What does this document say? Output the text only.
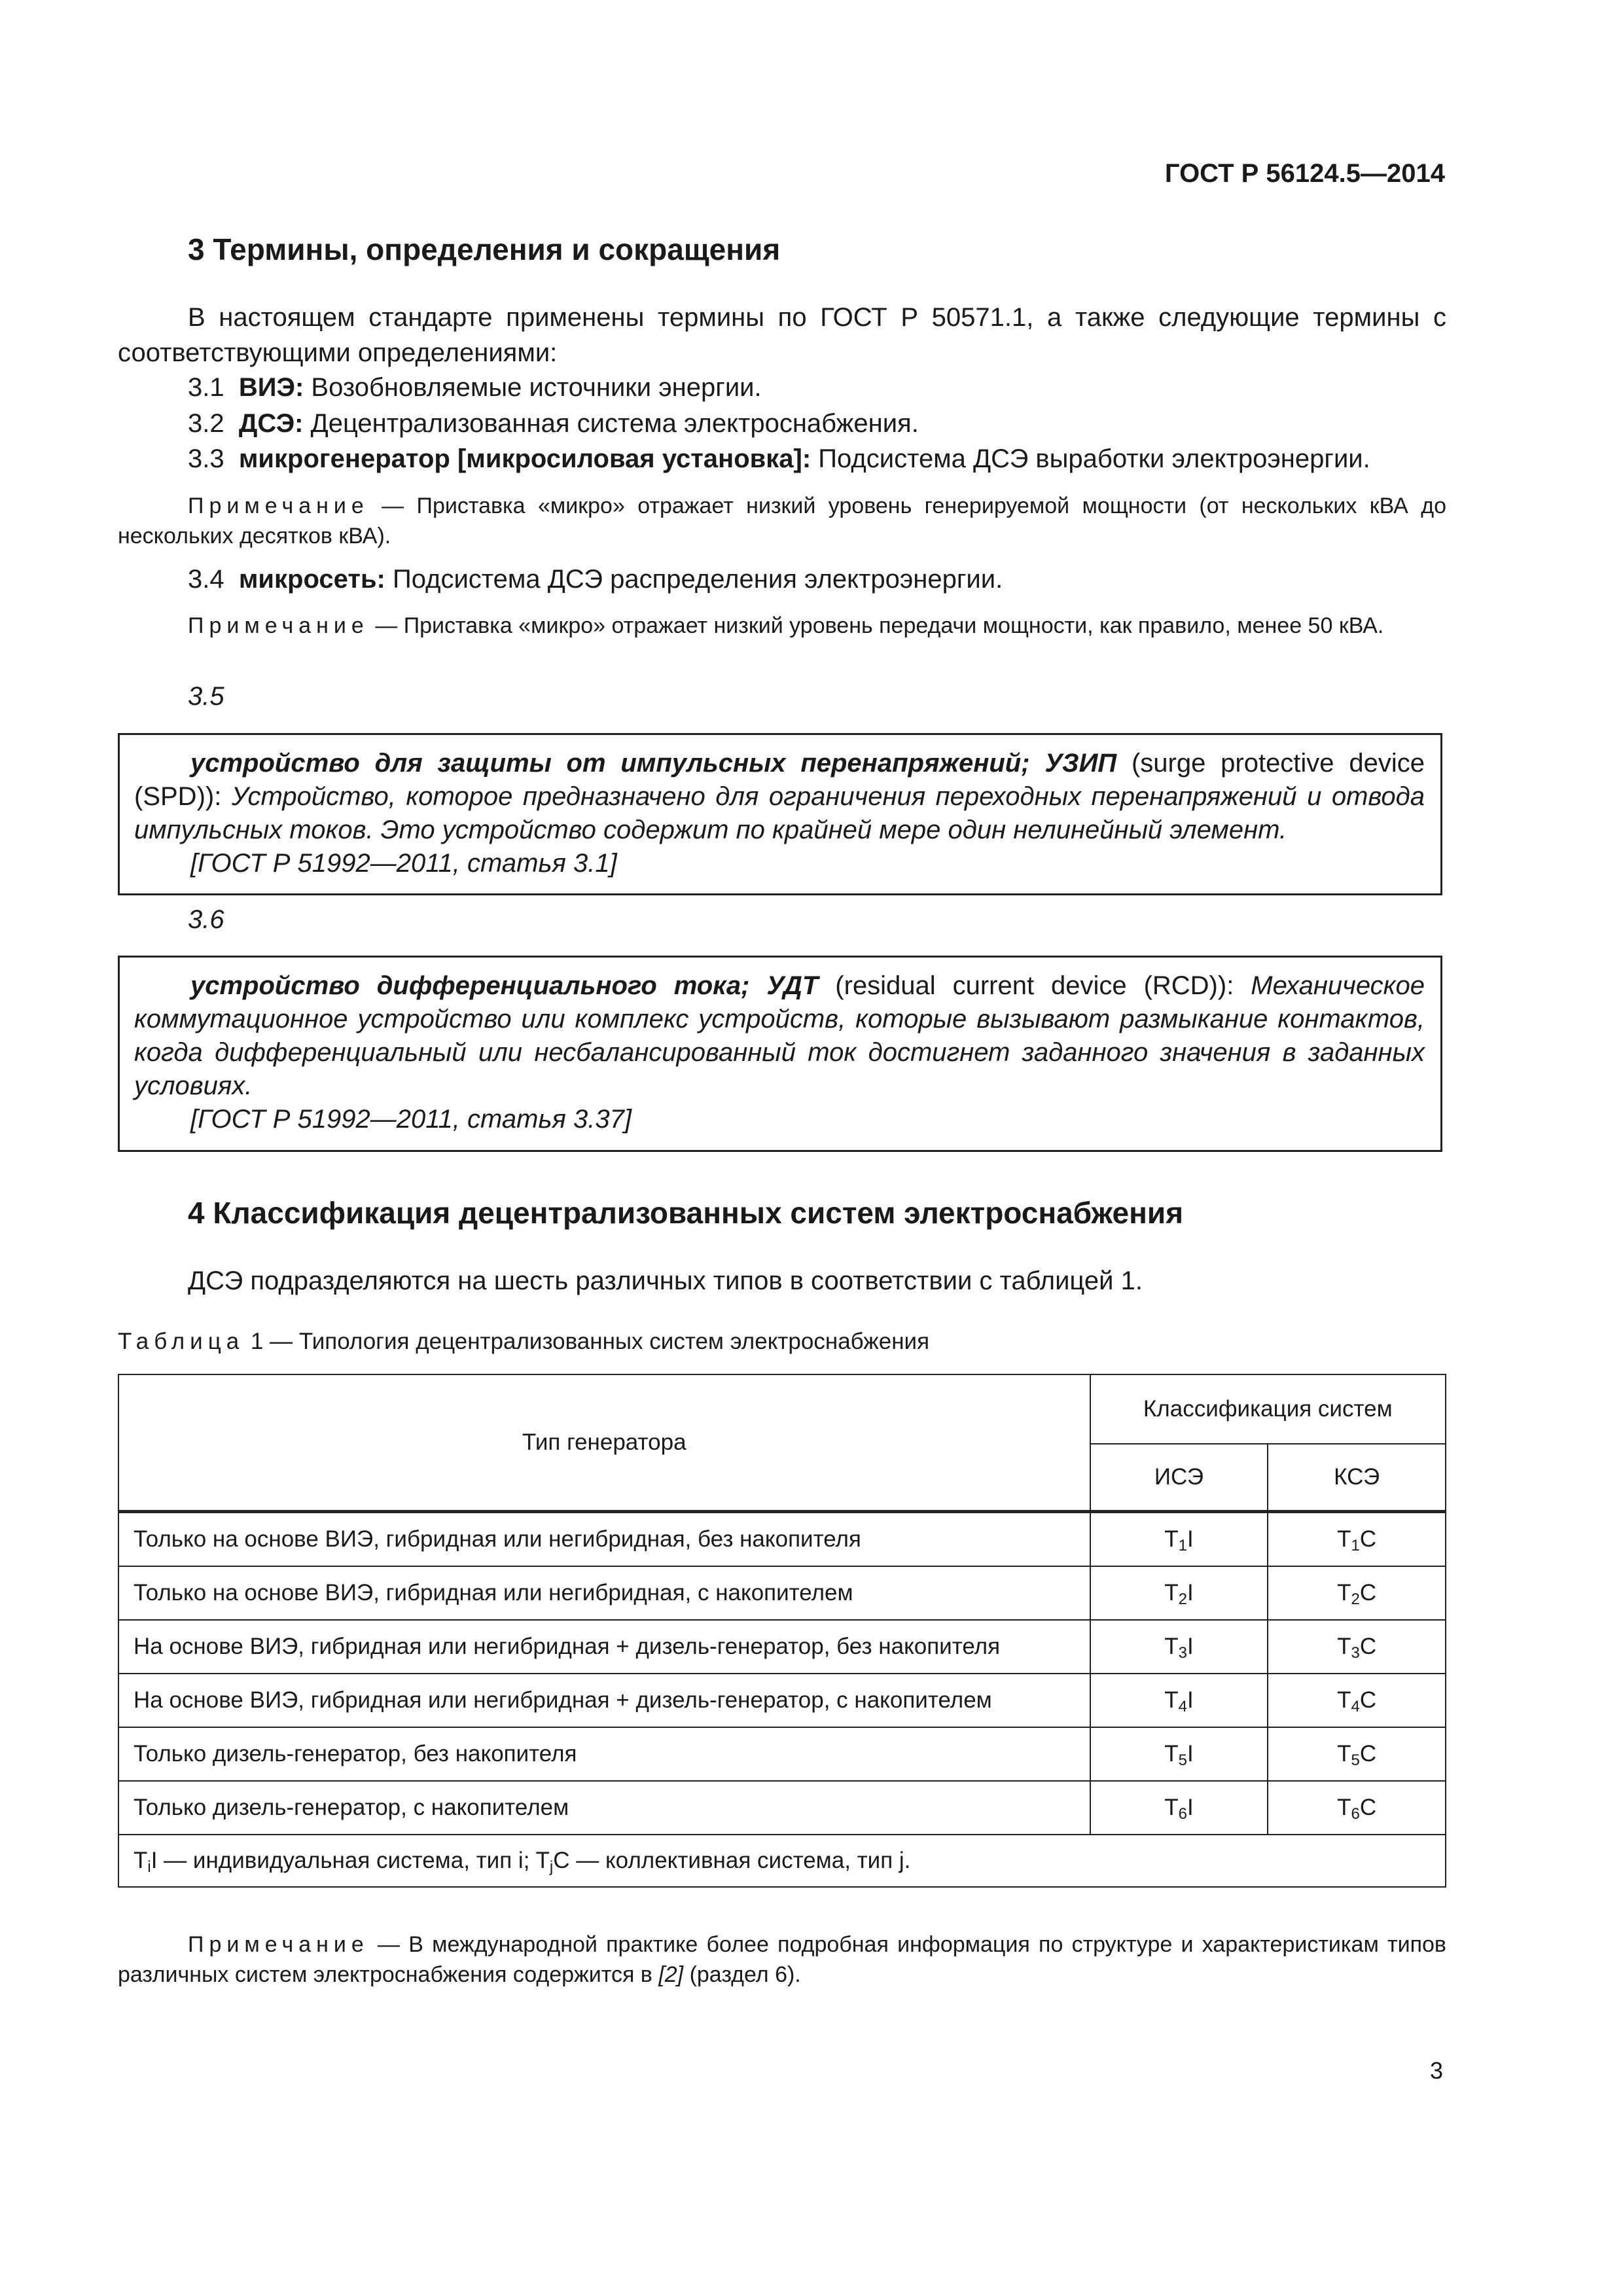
ГОСТ Р 56124.5—2014
3 Термины, определения и сокращения
В настоящем стандарте применены термины по ГОСТ Р 50571.1, а также следующие термины с соответствующими определениями:
3.1 ВИЭ: Возобновляемые источники энергии.
3.2 ДСЭ: Децентрализованная система электроснабжения.
3.3 микрогенератор [микросиловая установка]: Подсистема ДСЭ выработки электроэнергии.
Примечание — Приставка «микро» отражает низкий уровень генерируемой мощности (от нескольких кВА до нескольких десятков кВА).
3.4 микросеть: Подсистема ДСЭ распределения электроэнергии.
Примечание — Приставка «микро» отражает низкий уровень передачи мощности, как правило, менее 50 кВА.
3.5
устройство для защиты от импульсных перенапряжений; УЗИП (surge protective device (SPD)): Устройство, которое предназначено для ограничения переходных перенапряжений и отвода импульсных токов. Это устройство содержит по крайней мере один нелинейный элемент.
[ГОСТ Р 51992—2011, статья 3.1]
3.6
устройство дифференциального тока; УДТ (residual current device (RCD)): Механическое коммутационное устройство или комплекс устройств, которые вызывают размыкание контактов, когда дифференциальный или несбалансированный ток достигнет заданного значения в заданных условиях.
[ГОСТ Р 51992—2011, статья 3.37]
4 Классификация децентрализованных систем электроснабжения
ДСЭ подразделяются на шесть различных типов в соответствии с таблицей 1.
Таблица 1 — Типология децентрализованных систем электроснабжения
Тип генератора	Классификация систем	
	ИСЭ	КСЭ
Только на основе ВИЭ, гибридная или негибридная, без накопителя	$T_1I$	$T_1C$
Только на основе ВИЭ, гибридная или негибридная, с накопителем	$T_2I$	$T_2C$
На основе ВИЭ, гибридная или негибридная + дизель-генератор, без накопителя	$T_3I$	$T_3C$
На основе ВИЭ, гибридная или негибридная + дизель-генератор, с накопителем	$T_4I$	$T_4C$
Только дизель-генератор, без накопителя	$T_5I$	$T_5C$
Только дизель-генератор, с накопителем	$T_6I$	$T_6C$
$T_iI$ — индивидуальная система, тип i; $T_jC$ — коллективная система, тип j.		
Примечание — В международной практике более подробная информация по структуре и характеристикам типов различных систем электроснабжения содержится в [2] (раздел 6).
3
